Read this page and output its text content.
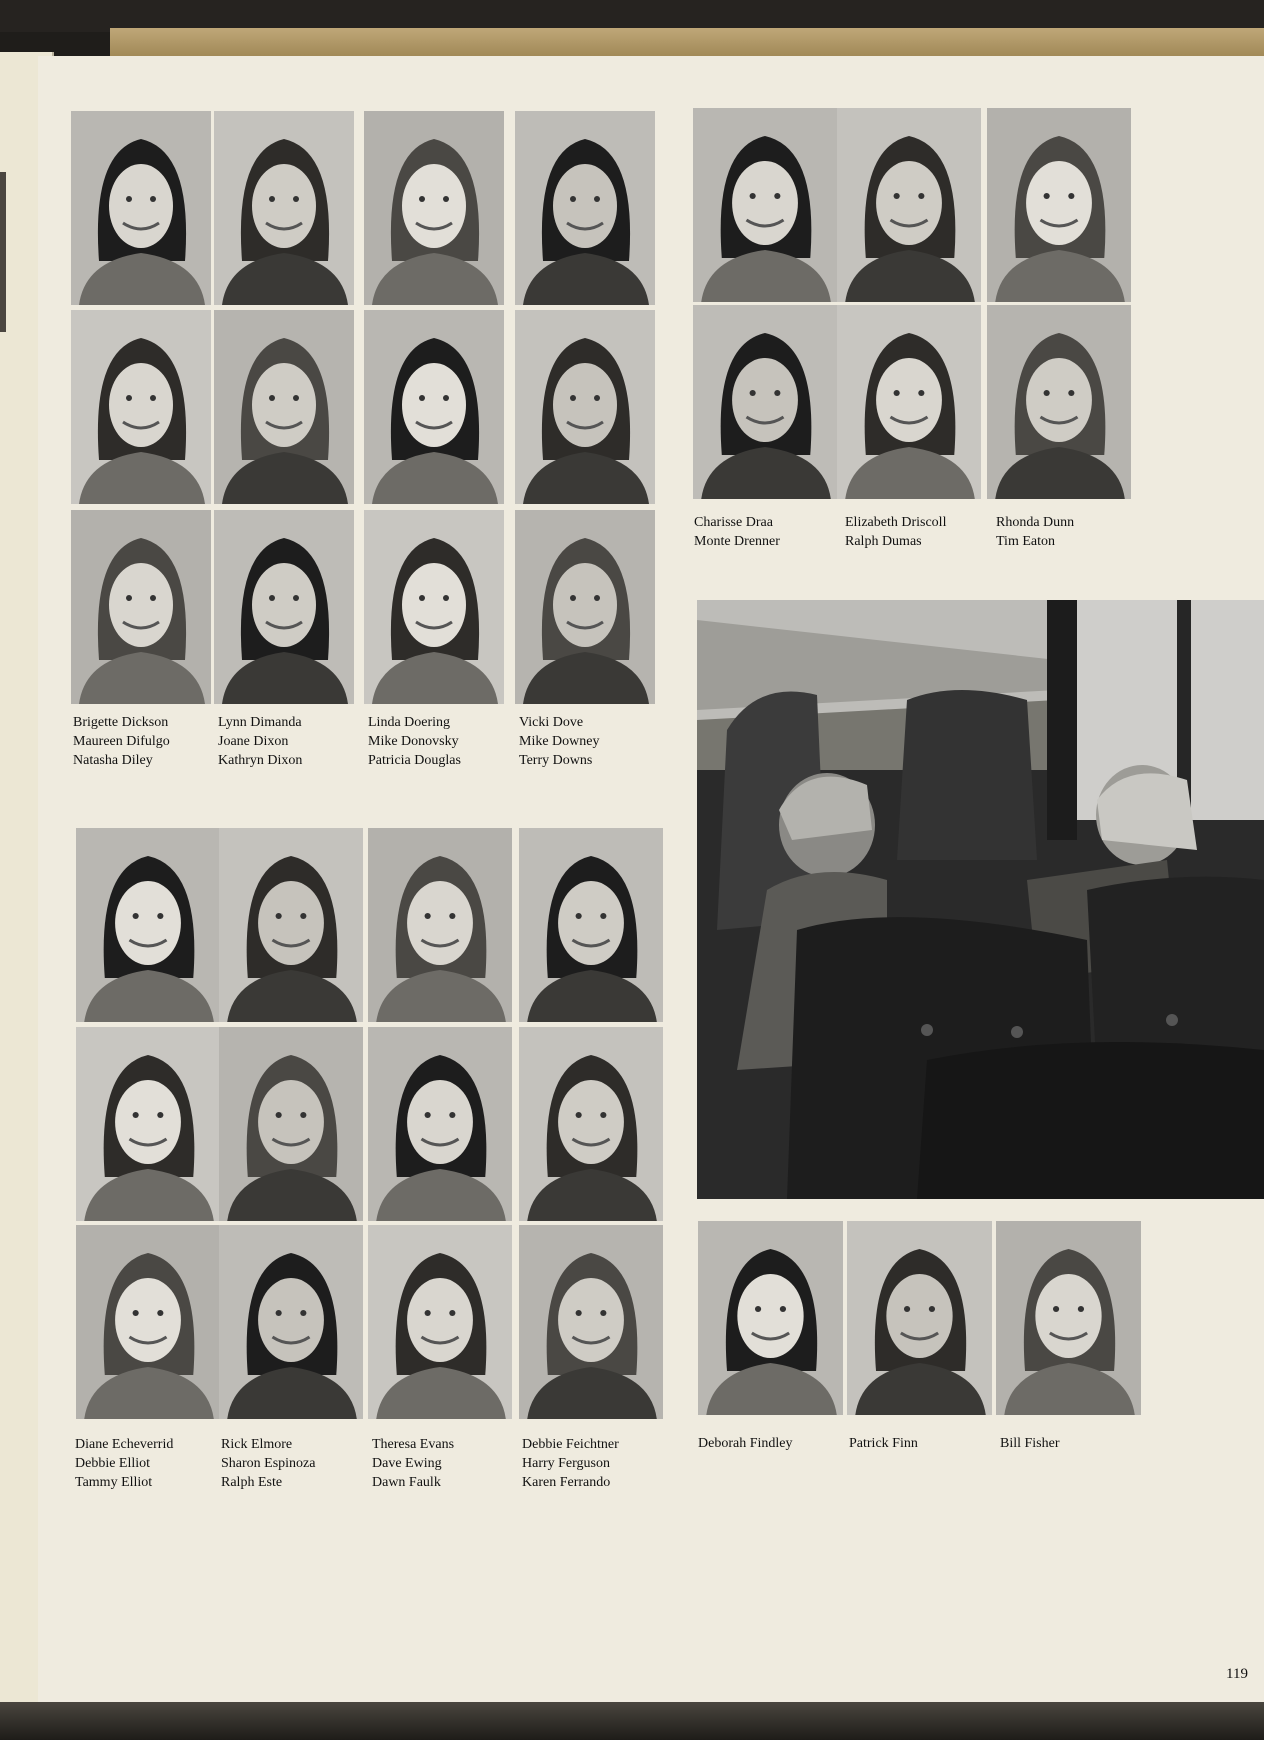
Brigette Dickson
Maureen Difulgo
Natasha Diley
Lynn Dimanda
Joane Dixon
Kathryn Dixon
Linda Doering
Mike Donovsky
Patricia Douglas
Vicki Dove
Mike Downey
Terry Downs
Charisse Draa
Monte Drenner
Elizabeth Driscoll
Ralph Dumas
Rhonda Dunn
Tim Eaton
Diane Echeverrid
Debbie Elliot
Tammy Elliot
Rick Elmore
Sharon Espinoza
Ralph Este
Theresa Evans
Dave Ewing
Dawn Faulk
Debbie Feichtner
Harry Ferguson
Karen Ferrando
Deborah Findley	Patrick Finn	Bill Fisher
119
